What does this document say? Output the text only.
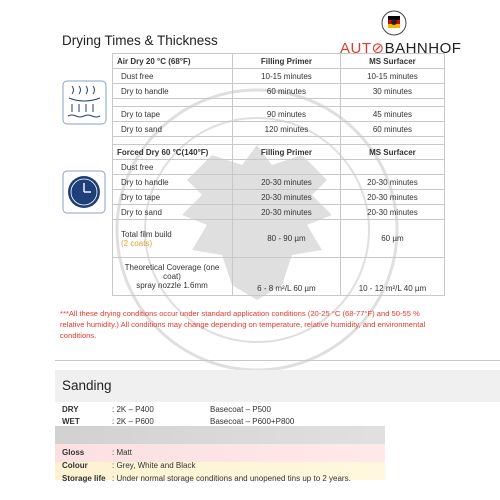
Drying Times & Thickness	AUT⊘BAHNHOF
Air Dry 20 °C (68°F)	Filling Primer	MS Surfacer
Dust free	10-15 minutes	10-15 minutes
Dry to handle	60 minutes	30 minutes

Dry to tape	90 minutes	45 minutes
Dry to sand	120 minutes	60 minutes

Forced Dry 60 °C(140°F)	Filling Primer	MS Surfacer
Dust free		
Dry to handle	20-30 minutes	20-30 minutes
Dry to tape	20-30 minutes	20-30 minutes
Dry to sand	20-30 minutes	20-30 minutes

Total film build
(2 coats)	80 - 90 µm	60 µm

Theoretical Coverage (one coat)
spray nozzle 1.6mm	6 - 8 m²/L 60 µm	10 - 12 m²/L 40 µm
***All these drying conditions occur under standard application conditions (20-25 °C (68-77°F) and 50-55 % relative humidity.) All conditions may change depending on temperature, relative humidity, and environmental conditions.
Sanding
DRY	: 2K – P400	Basecoat – P500
WET	: 2K – P600	Basecoat – P600+P800
Gloss	: Matt
Colour	: Grey, White and Black
Storage life : Under normal storage conditions and unopened tins up to 2 years.
